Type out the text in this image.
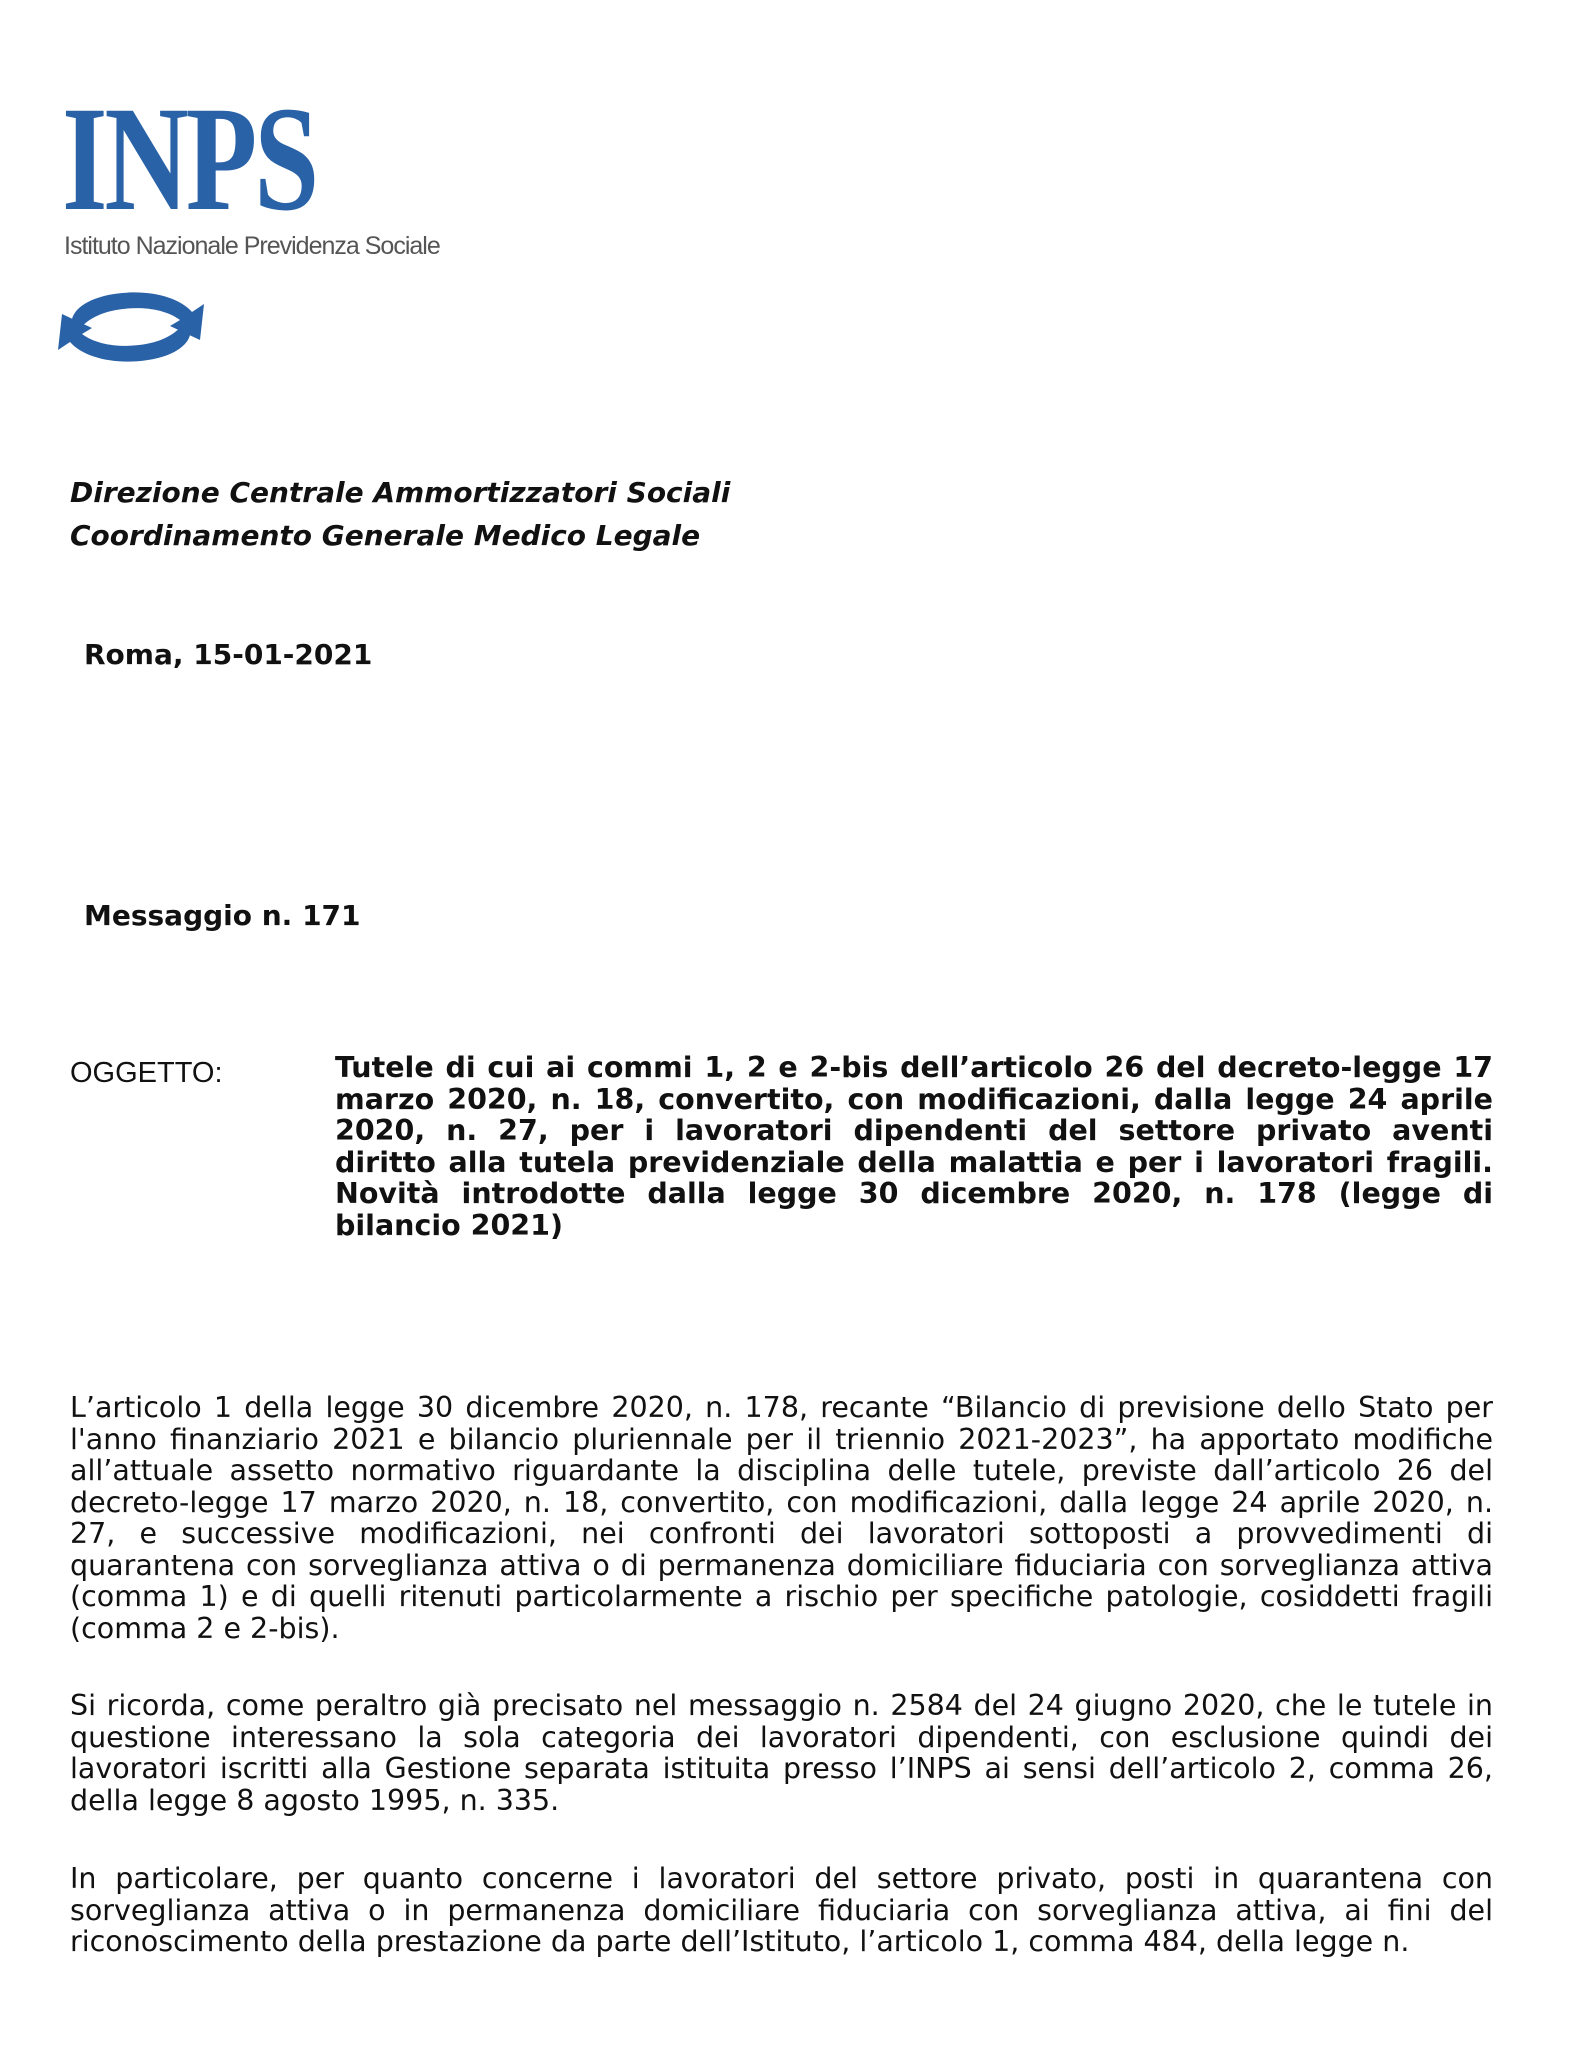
INPS
Istituto Nazionale Previdenza Sociale
Direzione Centrale Ammortizzatori Sociali
Coordinamento Generale Medico Legale
Roma, 15-01-2021
Messaggio n. 171
OGGETTO:	Tutele di cui ai commi 1, 2 e 2-bis dell’articolo 26 del decreto-legge 17 marzo 2020, n. 18, convertito, con modificazioni, dalla legge 24 aprile 2020, n. 27, per i lavoratori dipendenti del settore privato aventi diritto alla tutela previdenziale della malattia e per i lavoratori fragili. Novità introdotte dalla legge 30 dicembre 2020, n. 178 (legge di bilancio 2021)

L’articolo 1 della legge 30 dicembre 2020, n. 178, recante “Bilancio di previsione dello Stato per l'anno finanziario 2021 e bilancio pluriennale per il triennio 2021-2023”, ha apportato modifiche all’attuale assetto normativo riguardante la disciplina delle tutele, previste dall’articolo 26 del decreto-legge 17 marzo 2020, n. 18, convertito, con modificazioni, dalla legge 24 aprile 2020, n. 27, e successive modificazioni, nei confronti dei lavoratori sottoposti a provvedimenti di quarantena con sorveglianza attiva o di permanenza domiciliare fiduciaria con sorveglianza attiva (comma 1) e di quelli ritenuti particolarmente a rischio per specifiche patologie, cosiddetti fragili (comma 2 e 2-bis).

Si ricorda, come peraltro già precisato nel messaggio n. 2584 del 24 giugno 2020, che le tutele in questione interessano la sola categoria dei lavoratori dipendenti, con esclusione quindi dei lavoratori iscritti alla Gestione separata istituita presso l’INPS ai sensi dell’articolo 2, comma 26, della legge 8 agosto 1995, n. 335.

In particolare, per quanto concerne i lavoratori del settore privato, posti in quarantena con sorveglianza attiva o in permanenza domiciliare fiduciaria con sorveglianza attiva, ai fini del riconoscimento della prestazione da parte dell’Istituto, l’articolo 1, comma 484, della legge n.
